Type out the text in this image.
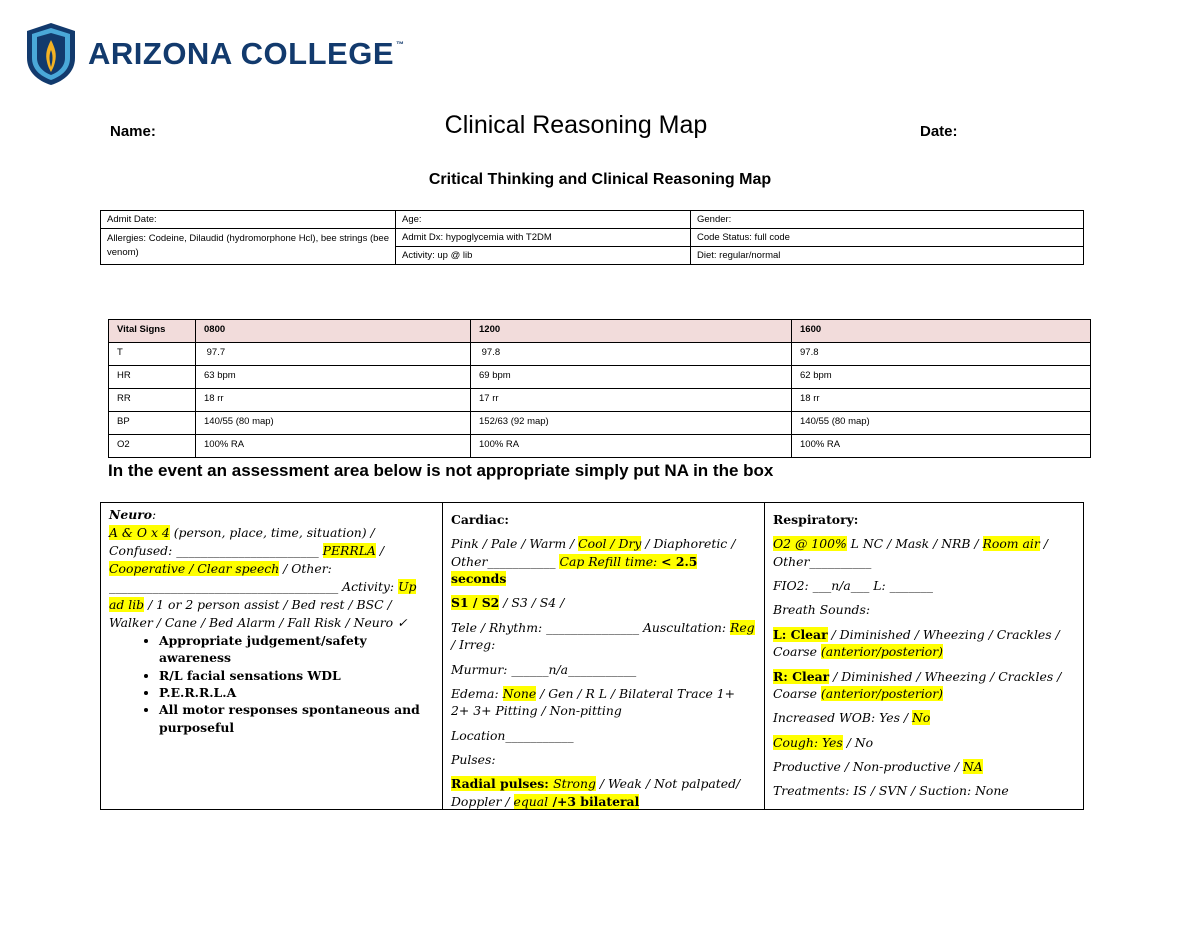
ARIZONA COLLEGE ™
Name:	Clinical Reasoning Map	Date:
Critical Thinking and Clinical Reasoning Map
Admit Date:	Age:	Gender:
Allergies: Codeine, Dilaudid (hydromorphone Hcl), bee strings (bee venom)	Admit Dx: hypoglycemia with T2DM	Code Status: full code
	Activity: up @ lib	Diet: regular/normal
Vital Signs	0800	1200	1600
T	97.7	97.8	97.8
HR	63 bpm	69 bpm	62 bpm
RR	18 rr	17 rr	18 rr
BP	140/55 (80 map)	152/63 (92 map)	140/55 (80 map)
O2	100% RA	100% RA	100% RA
In the event an assessment area below is not appropriate simply put NA in the box
Neuro:
A & O x 4 (person, place, time, situation) / Confused: _______________________ PERRLA / Cooperative / Clear speech / Other: _____________________________________ Activity: Up ad lib / 1 or 2 person assist / Bed rest / BSC / Walker / Cane / Bed Alarm / Fall Risk / Neuro ✓
• Appropriate judgement/safety awareness
• R/L facial sensations WDL
• P.E.R.R.L.A
• All motor responses spontaneous and purposeful
Cardiac:
Pink / Pale / Warm / Cool / Dry / Diaphoretic / Other___________ Cap Refill time: < 2.5 seconds
S1 / S2 / S3 / S4 /
Tele / Rhythm: _______________ Auscultation: Reg / Irreg:
Murmur: ______n/a___________
Edema: None / Gen / R L / Bilateral Trace 1+ 2+ 3+ Pitting / Non-pitting
Location___________
Pulses:
Radial pulses: Strong / Weak / Not palpated/ Doppler / equal /+3 bilateral
Respiratory:
O2 @ 100% L NC / Mask / NRB / Room air / Other__________
FIO2: ___n/a___ L: _______
Breath Sounds:
L: Clear / Diminished / Wheezing / Crackles / Coarse (anterior/posterior)
R: Clear / Diminished / Wheezing / Crackles / Coarse (anterior/posterior)
Increased WOB: Yes / No
Cough: Yes / No
Productive / Non-productive / NA
Treatments: IS / SVN / Suction: None
